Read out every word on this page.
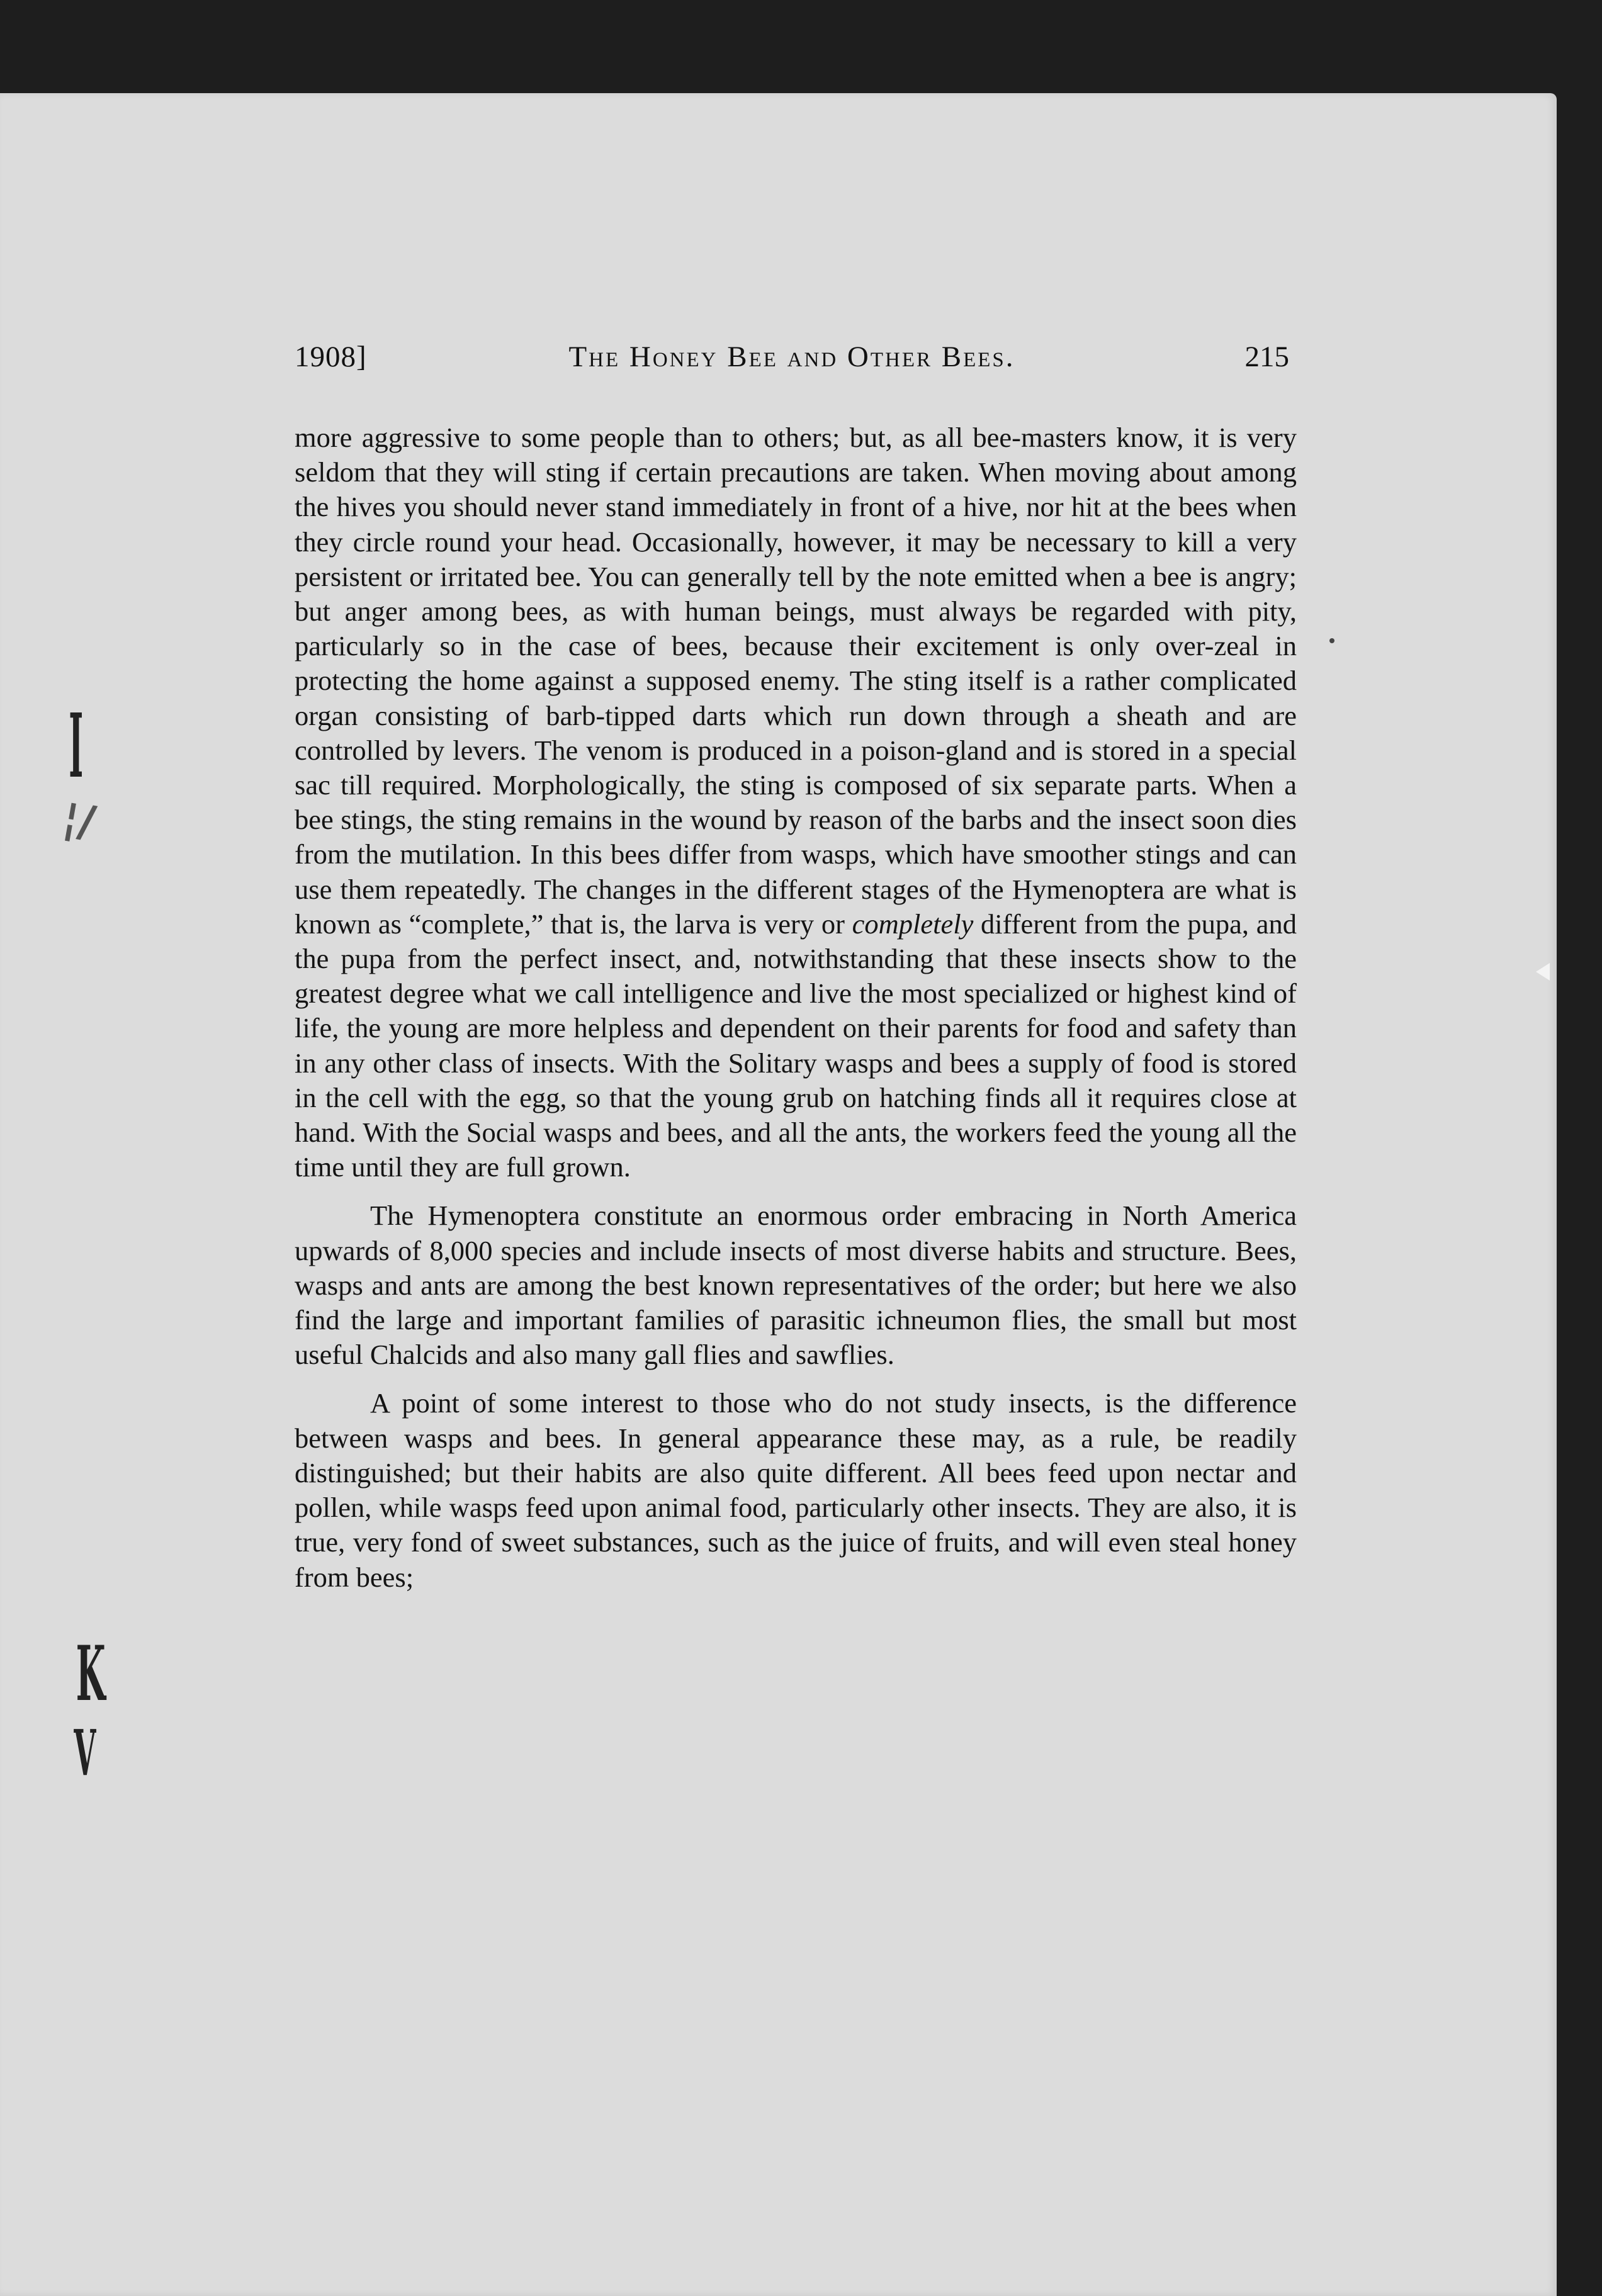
I
¦/
K
V
1908]	The Honey Bee and Other Bees.	215

more aggressive to some people than to others; but, as all bee-masters know, it is very seldom that they will sting if certain precautions are taken. When moving about among the hives you should never stand immediately in front of a hive, nor hit at the bees when they circle round your head. Occasionally, however, it may be necessary to kill a very persistent or irritated bee. You can generally tell by the note emitted when a bee is angry; but anger among bees, as with human beings, must always be regarded with pity, particularly so in the case of bees, because their excitement is only over-zeal in protecting the home against a supposed enemy. The sting itself is a rather complicated organ consisting of barb-tipped darts which run down through a sheath and are controlled by levers. The venom is produced in a poison-gland and is stored in a special sac till required. Morphologically, the sting is composed of six separate parts. When a bee stings, the sting remains in the wound by reason of the barbs and the insect soon dies from the mutilation. In this bees differ from wasps, which have smoother stings and can use them repeatedly. The changes in the different stages of the Hymenoptera are what is known as “complete,” that is, the larva is very or completely different from the pupa, and the pupa from the perfect insect, and, notwithstanding that these insects show to the greatest degree what we call intelligence and live the most specialized or highest kind of life, the young are more helpless and dependent on their parents for food and safety than in any other class of insects. With the Solitary wasps and bees a supply of food is stored in the cell with the egg, so that the young grub on hatching finds all it requires close at hand. With the Social wasps and bees, and all the ants, the workers feed the young all the time until they are full grown.

The Hymenoptera constitute an enormous order embracing in North America upwards of 8,000 species and include insects of most diverse habits and structure. Bees, wasps and ants are among the best known representatives of the order; but here we also find the large and important families of parasitic ichneumon flies, the small but most useful Chalcids and also many gall flies and sawflies.

A point of some interest to those who do not study insects, is the difference between wasps and bees. In general appearance these may, as a rule, be readily distinguished; but their habits are also quite different. All bees feed upon nectar and pollen, while wasps feed upon animal food, particularly other insects. They are also, it is true, very fond of sweet substances, such as the juice of fruits, and will even steal honey from bees;
